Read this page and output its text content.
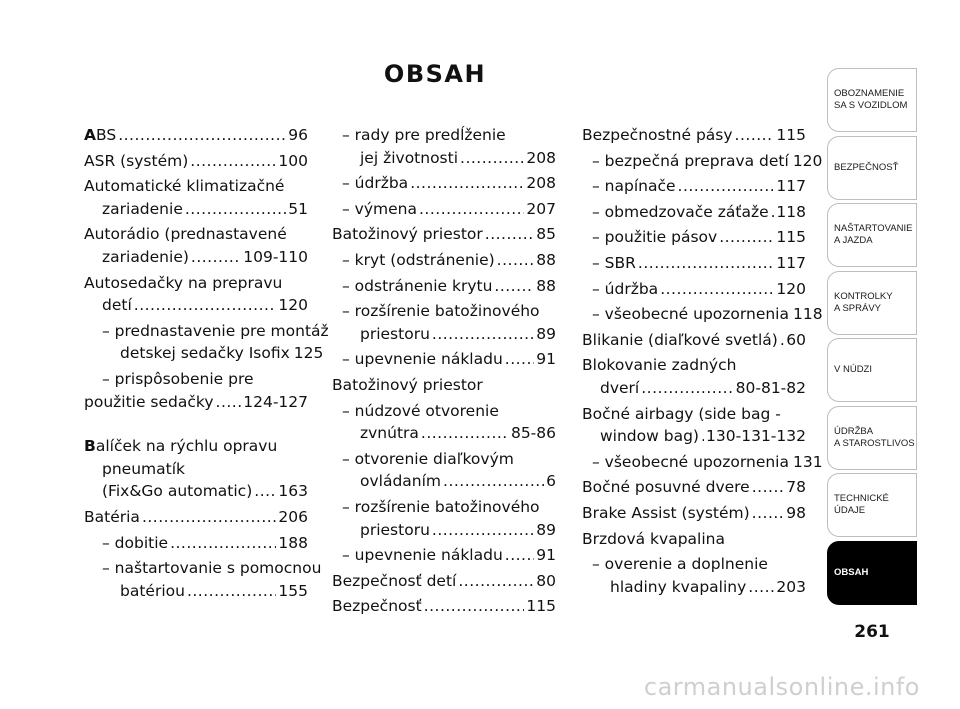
OBSAH
ABS .....	96
ASR (systém) .....	100
Automatické klimatizačné
zariadenie .....	51
Autorádio (prednastavené
zariadenie) .....	109-110
Autosedačky na prepravu
detí .....	120
– prednastavenie pre montáž
detskej sedačky Isofix 125
– prispôsobenie pre
použitie sedačky ..... 124-127
Balíček na rýchlu opravu
pneumatík
(Fix&Go automatic) ..... 163
Batéria .....	206
– dobitie .....	188
– naštartovanie s pomocnou
batériou .....	155
– rady pre predĺženie
jej životnosti .....	208
– údržba .....	208
– výmena .....	207
Batožinový priestor .....	85
– kryt (odstránenie) .....	88
– odstránenie krytu .....	88
– rozšírenie batožinového
priestoru .....	89
– upevnenie nákladu ..... 91
Batožinový priestor
– núdzové otvorenie
zvnútra .....	85-86
– otvorenie diaľkovým
ovládaním .....	6
– rozšírenie batožinového
priestoru .....	89
– upevnenie nákladu ..... 91
Bezpečnosť detí .....	80
Bezpečnosť .....	115
Bezpečnostné pásy .....	115
– bezpečná preprava detí 120
– napínače .....	117
– obmedzovače záťaže ..... 118
– použitie pásov .....	115
– SBR .....	117
– údržba .....	120
– všeobecné upozornenia 118
Blikanie (diaľkové svetlá) ..... 60
Blokovanie zadných
dverí .....	80-81-82
Bočné airbagy (side bag -
window bag) ..... 130-131-132
– všeobecné upozornenia 131
Bočné posuvné dvere ..... 78
Brake Assist (systém) ..... 98
Brzdová kvapalina
– overenie a doplnenie
hladiny kvapaliny ..... 203
OBOZNAMENIE
SA S VOZIDLOM
BEZPEČNOSŤ
NAŠTARTOVANIE
A JAZDA
KONTROLKY
A SPRÁVY
V NÚDZI
ÚDRŽBA
A STAROSTLIVOS
TECHNICKÉ
ÚDAJE
OBSAH
261
carmanualsonline.info
